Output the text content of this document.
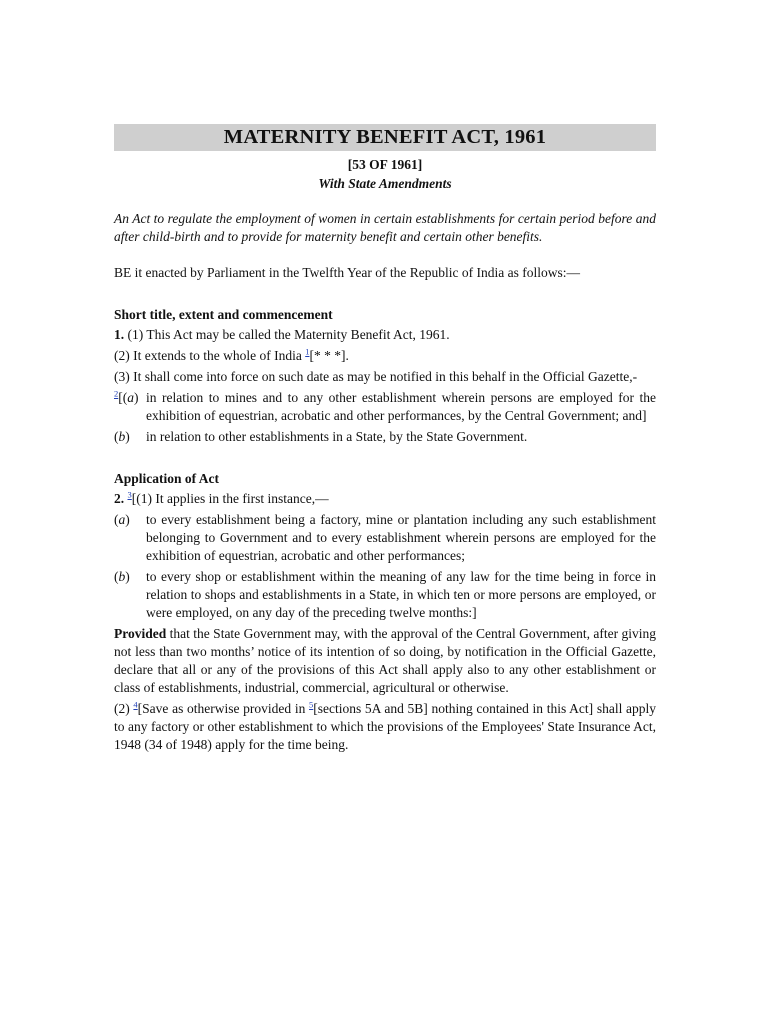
MATERNITY BENEFIT ACT, 1961
[53 OF 1961]
With State Amendments
An Act to regulate the employment of women in certain establishments for certain period before and after child-birth and to provide for maternity benefit and certain other benefits.
BE it enacted by Parliament in the Twelfth Year of the Republic of India as follows:—
Short title, extent and commencement
1. (1) This Act may be called the Maternity Benefit Act, 1961.
(2) It extends to the whole of India $^1$[* * *].
(3) It shall come into force on such date as may be notified in this behalf in the Official Gazette,-
$^2$[(a) in relation to mines and to any other establishment wherein persons are employed for the exhibition of equestrian, acrobatic and other performances, by the Central Government; and]
(b)	in relation to other establishments in a State, by the State Government.
Application of Act
2. $^3$[(1) It applies in the first instance,—
(a)	to every establishment being a factory, mine or plantation including any such establishment belonging to Government and to every establishment wherein persons are employed for the exhibition of equestrian, acrobatic and other performances;
(b)	to every shop or establishment within the meaning of any law for the time being in force in relation to shops and establishments in a State, in which ten or more persons are employed, or were employed, on any day of the preceding twelve months:]
Provided that the State Government may, with the approval of the Central Government, after giving not less than two months’ notice of its intention of so doing, by notification in the Official Gazette, declare that all or any of the provisions of this Act shall apply also to any other establishment or class of establishments, industrial, commercial, agricultural or otherwise.
(2) $^4$[Save as otherwise provided in $^5$[sections 5A and 5B] nothing contained in this Act] shall apply to any factory or other establishment to which the provisions of the Employees' State Insurance Act, 1948 (34 of 1948) apply for the time being.
